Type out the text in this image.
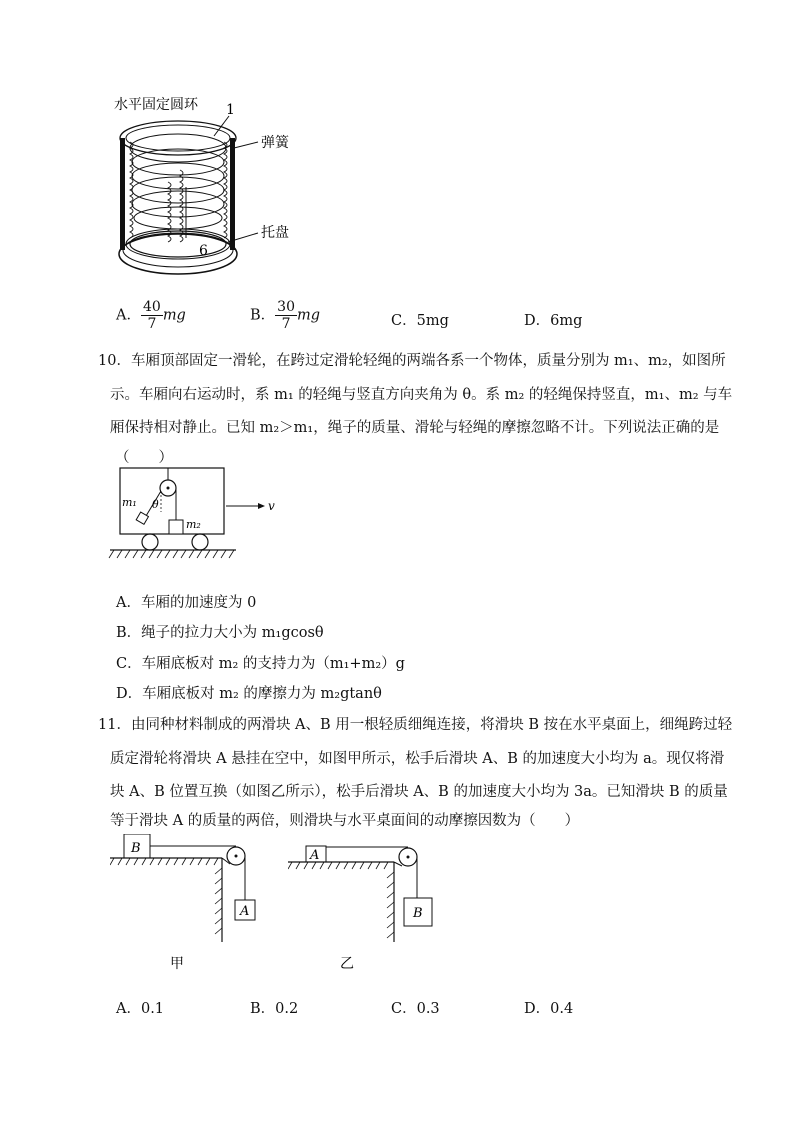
水平固定圆环 1
6
弹簧
托盘
A． $\frac{40}{7}$ mg	B． $\frac{30}{7}$ mg	C．5mg	D．6mg
10．车厢顶部固定一滑轮，在跨过定滑轮轻绳的两端各系一个物体，质量分别为 m₁、m₂，如图所
示。车厢向右运动时，系 m₁ 的轻绳与竖直方向夹角为 θ。系 m₂ 的轻绳保持竖直，m₁、m₂ 与车
厢保持相对静止。已知 m₂＞m₁，绳子的质量、滑轮与轻绳的摩擦忽略不计。下列说法正确的是
（　　）
m₁ θ
m₂
v
A．车厢的加速度为 0
B．绳子的拉力大小为 m₁gcosθ
C．车厢底板对 m₂ 的支持力为（m₁+m₂）g
D．车厢底板对 m₂ 的摩擦力为 m₂gtanθ
11．由同种材料制成的两滑块 A、B 用一根轻质细绳连接，将滑块 B 按在水平桌面上，细绳跨过轻
质定滑轮将滑块 A 悬挂在空中，如图甲所示，松手后滑块 A、B 的加速度大小均为 a。现仅将滑
块 A、B 位置互换（如图乙所示），松手后滑块 A、B 的加速度大小均为 3a。已知滑块 B 的质量
等于滑块 A 的质量的两倍，则滑块与水平桌面间的动摩擦因数为（　　）
B
A
甲
A
B
乙
A．0.1	B．0.2	C．0.3	D．0.4
